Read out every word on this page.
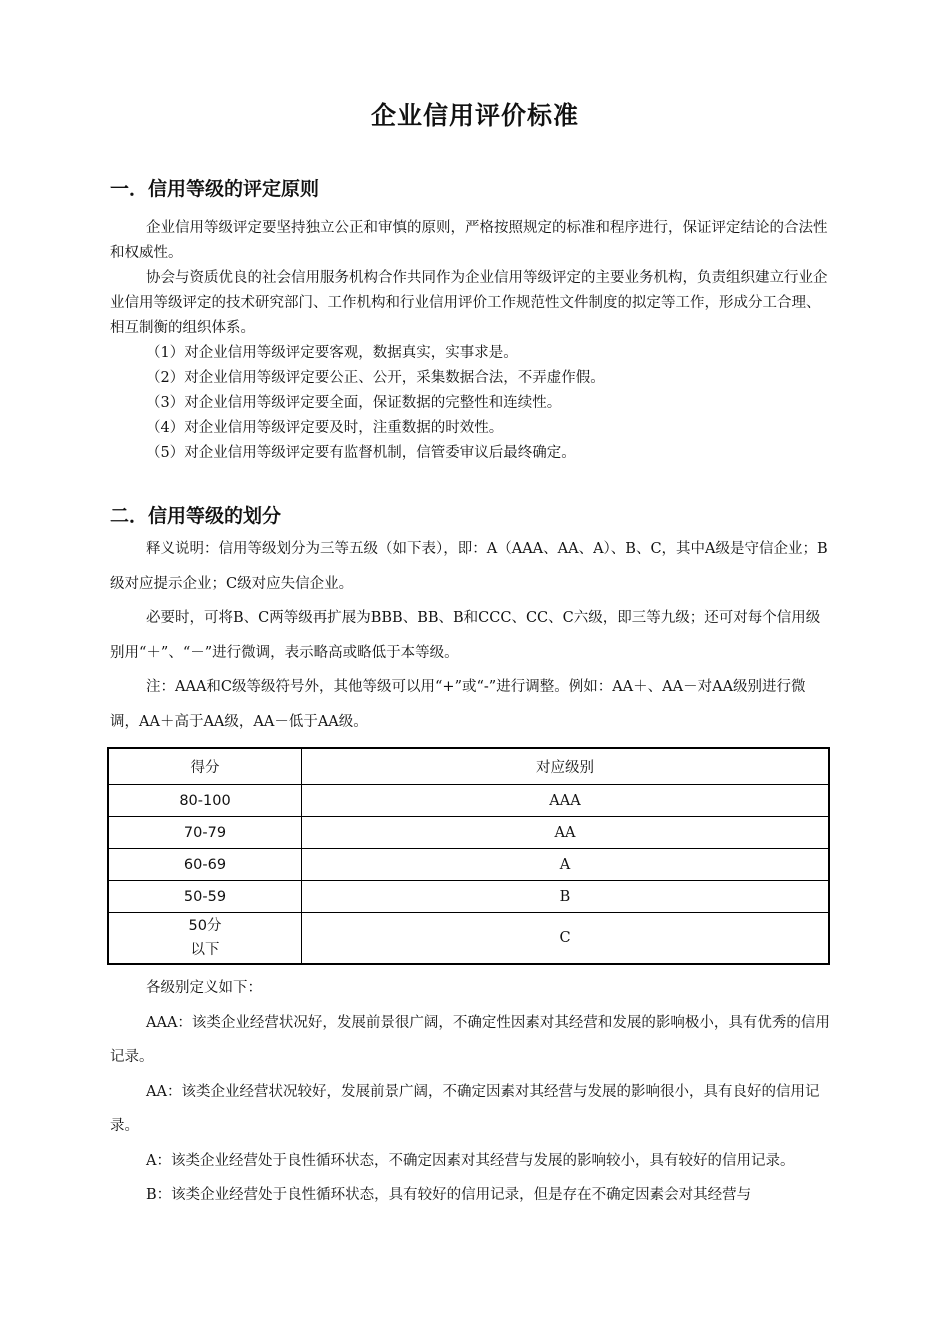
企业信用评价标准
一．信用等级的评定原则

企业信用等级评定要坚持独立公正和审慎的原则，严格按照规定的标准和程序进行，保证评定结论的合法性和权威性。

协会与资质优良的社会信用服务机构合作共同作为企业信用等级评定的主要业务机构，负责组织建立行业企业信用等级评定的技术研究部门、工作机构和行业信用评价工作规范性文件制度的拟定等工作，形成分工合理、相互制衡的组织体系。

（1）对企业信用等级评定要客观，数据真实，实事求是。
（2）对企业信用等级评定要公正、公开，采集数据合法，不弄虚作假。
（3）对企业信用等级评定要全面，保证数据的完整性和连续性。
（4）对企业信用等级评定要及时，注重数据的时效性。
（5）对企业信用等级评定要有监督机制，信管委审议后最终确定。
二．信用等级的划分

释义说明：信用等级划分为三等五级（如下表），即：A（AAA、AA、A）、B、C，其中A级是守信企业；B级对应提示企业；C级对应失信企业。

必要时，可将B、C两等级再扩展为BBB、BB、B和CCC、CC、C六级，即三等九级；还可对每个信用级别用“＋”、“－”进行微调，表示略高或略低于本等级。

注：AAA和C级等级符号外，其他等级可以用“+”或“-”进行调整。例如：AA＋、AA－对AA级别进行微调，AA＋高于AA级，AA－低于AA级。

得分	对应级别
80-100	AAA
70-79	AA
60-69	A
50-59	B

50分
以下	C

各级别定义如下：

AAA：该类企业经营状况好，发展前景很广阔，不确定性因素对其经营和发展的影响极小，具有优秀的信用记录。

AA：该类企业经营状况较好，发展前景广阔，不确定因素对其经营与发展的影响很小，具有良好的信用记录。

A：该类企业经营处于良性循环状态，不确定因素对其经营与发展的影响较小，具有较好的信用记录。

B：该类企业经营处于良性循环状态，具有较好的信用记录，但是存在不确定因素会对其经营与
